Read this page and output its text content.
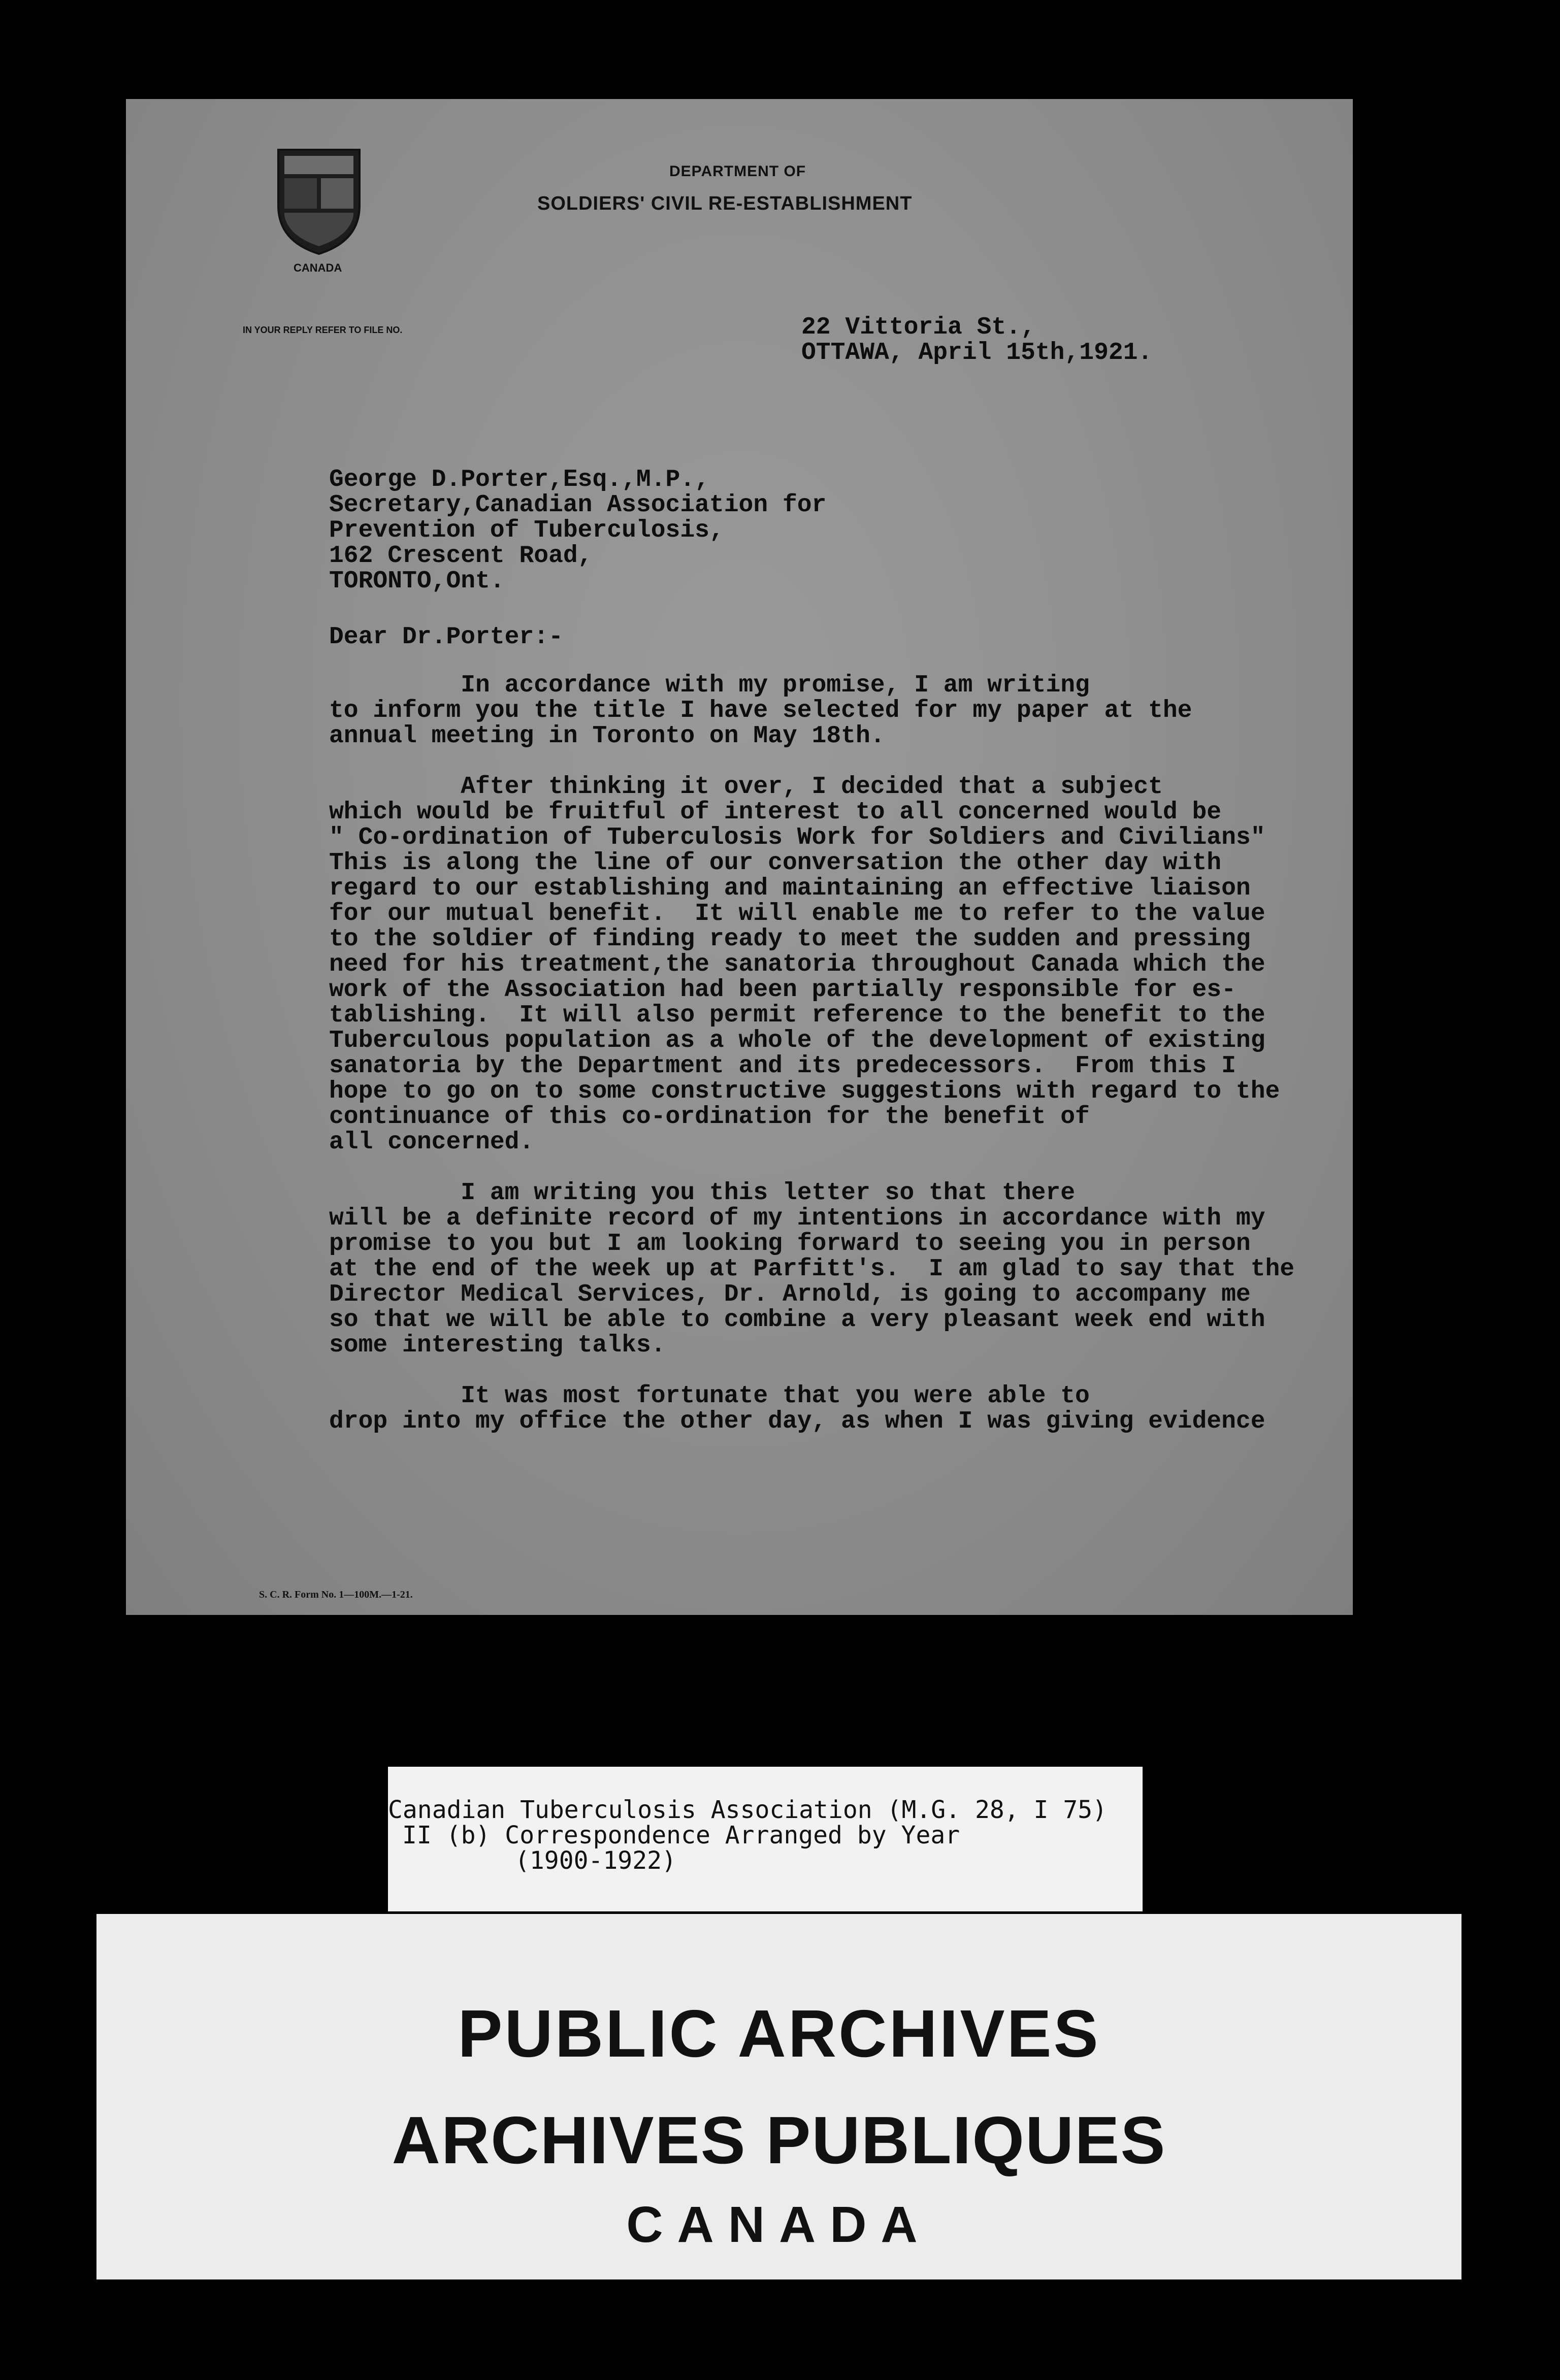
CANADA
DEPARTMENT OF
SOLDIERS' CIVIL RE-ESTABLISHMENT
IN YOUR REPLY REFER TO FILE NO.	22 Vittoria St.,
OTTAWA, April 15th,1921.
George D.Porter,Esq.,M.P.,
Secretary,Canadian Association for
Prevention of Tuberculosis,
162 Crescent Road,
TORONTO,Ont.
Dear Dr.Porter:-
In accordance with my promise, I am writing
to inform you the title I have selected for my paper at the
annual meeting in Toronto on May 18th.
After thinking it over, I decided that a subject
which would be fruitful of interest to all concerned would be
" Co-ordination of Tuberculosis Work for Soldiers and Civilians"
This is along the line of our conversation the other day with
regard to our establishing and maintaining an effective liaison
for our mutual benefit.  It will enable me to refer to the value
to the soldier of finding ready to meet the sudden and pressing
need for his treatment,the sanatoria throughout Canada which the
work of the Association had been partially responsible for es-
tablishing.  It will also permit reference to the benefit to the
Tuberculous population as a whole of the development of existing
sanatoria by the Department and its predecessors.  From this I
hope to go on to some constructive suggestions with regard to the
continuance of this co-ordination for the benefit of
all concerned.
I am writing you this letter so that there
will be a definite record of my intentions in accordance with my
promise to you but I am looking forward to seeing you in person
at the end of the week up at Parfitt's.  I am glad to say that the
Director Medical Services, Dr. Arnold, is going to accompany me
so that we will be able to combine a very pleasant week end with
some interesting talks.
It was most fortunate that you were able to
drop into my office the other day, as when I was giving evidence
S. C. R. Form No. 1—100M.—1-21.
Canadian Tuberculosis Association (M.G. 28, I 75)
II (b) Correspondence Arranged by Year
(1900-1922)
PUBLIC ARCHIVES
ARCHIVES PUBLIQUES
CANADA
